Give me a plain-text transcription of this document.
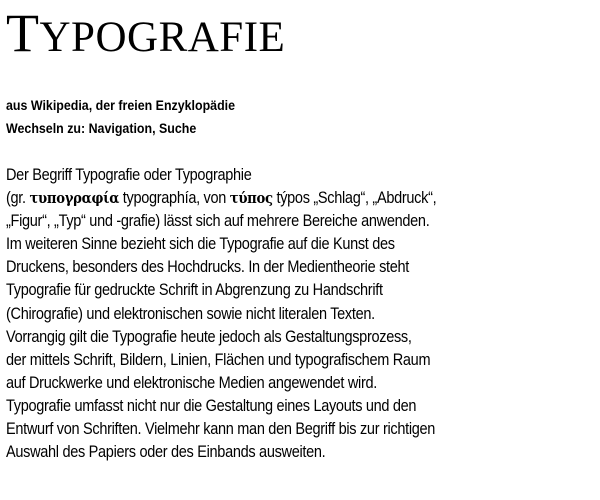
TYPOGRAFIE
aus Wikipedia, der freien Enzyklopädie
Wechseln zu: Navigation, Suche
Der Begriff Typografie oder Typographie
(gr. τυπογραφία typographía, von τύπος týpos „Schlag“, „Abdruck“,
„Figur“, „Typ“ und -grafie) lässt sich auf mehrere Bereiche anwenden.
Im weiteren Sinne bezieht sich die Typografie auf die Kunst des
Druckens, besonders des Hochdrucks. In der Medientheorie steht
Typografie für gedruckte Schrift in Abgrenzung zu Handschrift
(Chirografie) und elektronischen sowie nicht literalen Texten.
Vorrangig gilt die Typografie heute jedoch als Gestaltungsprozess,
der mittels Schrift, Bildern, Linien, Flächen und typografischem Raum
auf Druckwerke und elektronische Medien angewendet wird.
Typografie umfasst nicht nur die Gestaltung eines Layouts und den
Entwurf von Schriften. Vielmehr kann man den Begriff bis zur richtigen
Auswahl des Papiers oder des Einbands ausweiten.
